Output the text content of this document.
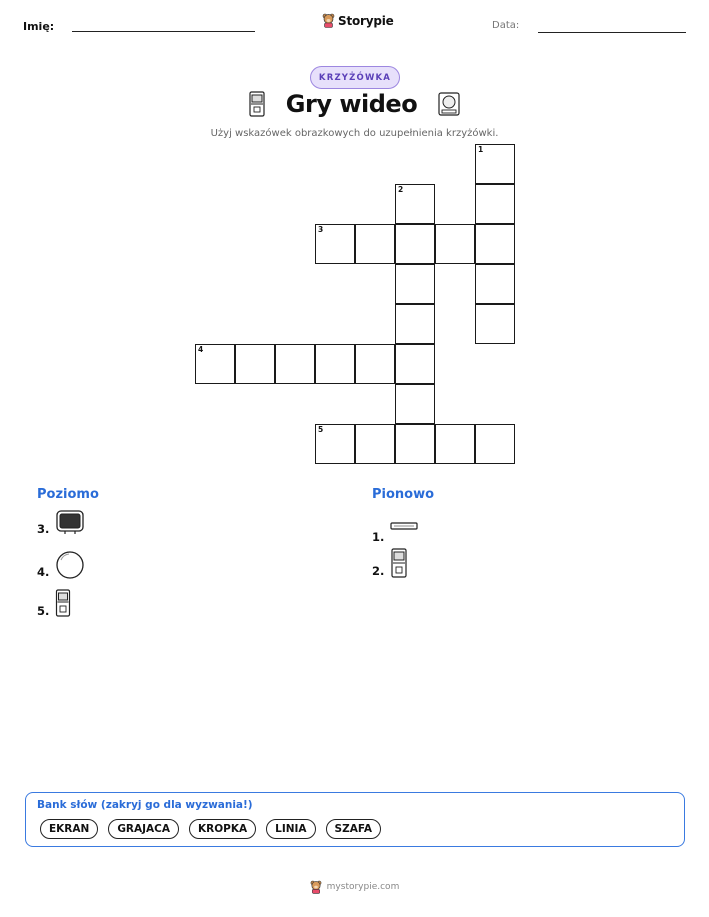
Imię:	Storypie	Data:
KRZYŻÓWKA
Gry wideo
Użyj wskazówek obrazkowych do uzupełnienia krzyżówki.
1
2
3
4
5
Poziomo	Pionowo
3.
4.
5.
1.
2.
Bank słów (zakryj go dla wyzwania!)
EKRAN	GRAJACA	KROPKA	LINIA	SZAFA
mystorypie.com
